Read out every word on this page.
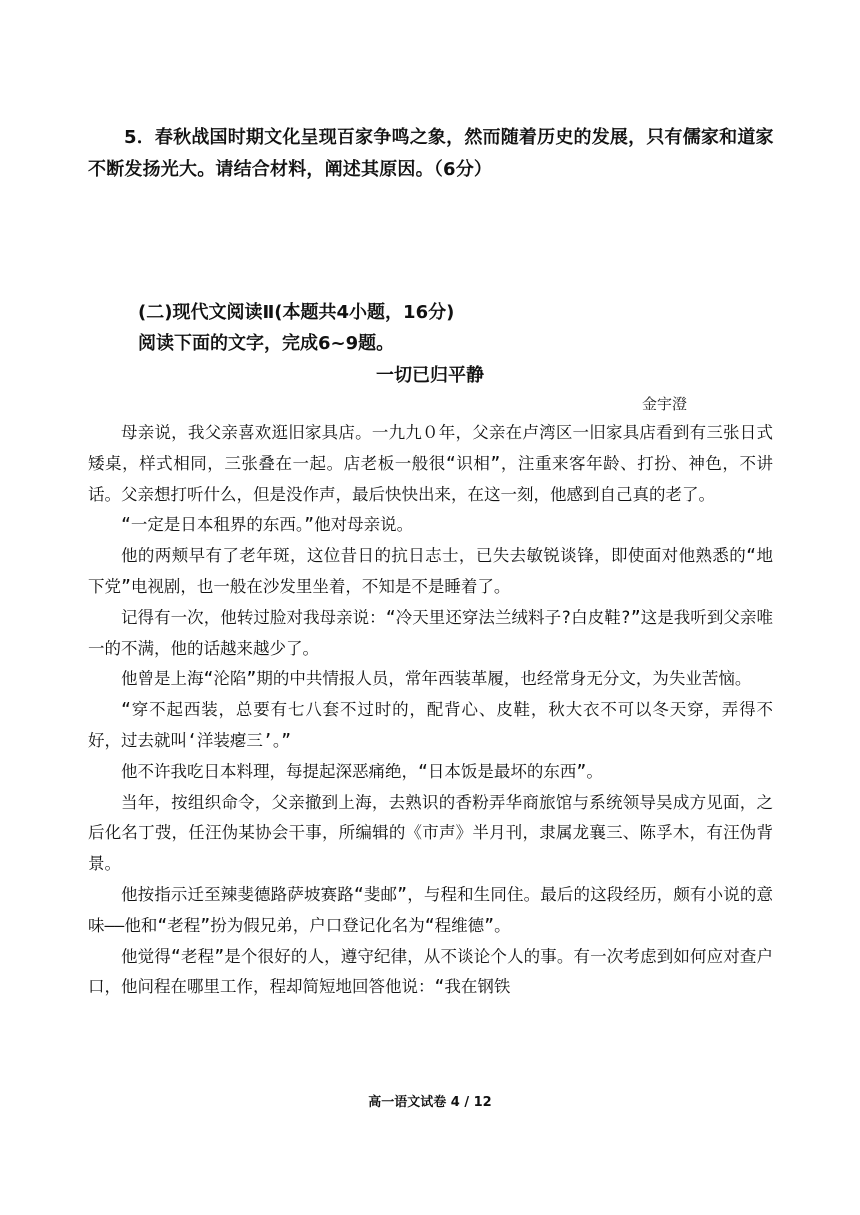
5．春秋战国时期文化呈现百家争鸣之象，然而随着历史的发展，只有儒家和道家不断发扬光大。请结合材料，阐述其原因。（6分）
(二)现代文阅读Ⅱ(本题共4小题，16分)
阅读下面的文字，完成6~9题。
一切已归平静
金宇澄

母亲说，我父亲喜欢逛旧家具店。一九九０年，父亲在卢湾区一旧家具店看到有三张日式矮桌，样式相同，三张叠在一起。店老板一般很“识相”，注重来客年龄、打扮、神色，不讲话。父亲想打听什么，但是没作声，最后快快出来，在这一刻，他感到自己真的老了。

“一定是日本租界的东西。”他对母亲说。

他的两颊早有了老年斑，这位昔日的抗日志士，已失去敏锐谈锋，即使面对他熟悉的“地下党”电视剧，也一般在沙发里坐着，不知是不是睡着了。

记得有一次，他转过脸对我母亲说：“冷天里还穿法兰绒料子?白皮鞋?”这是我听到父亲唯一的不满，他的话越来越少了。

他曾是上海“沦陷”期的中共情报人员，常年西装革履，也经常身无分文，为失业苦恼。

“穿不起西装，总要有七八套不过时的，配背心、皮鞋，秋大衣不可以冬天穿，弄得不好，过去就叫‘洋装瘪三’。”

他不许我吃日本料理，每提起深恶痛绝，“日本饭是最坏的东西”。

当年，按组织命令，父亲撤到上海，去熟识的香粉弄华商旅馆与系统领导吴成方见面，之后化名丁弢，任汪伪某协会干事，所编辑的《市声》半月刊，隶属龙襄三、陈孚木，有汪伪背景。

他按指示迁至辣斐德路萨坡赛路“斐邮”，与程和生同住。最后的这段经历，颇有小说的意味——他和“老程”扮为假兄弟，户口登记化名为“程维德”。

他觉得“老程”是个很好的人，遵守纪律，从不谈论个人的事。有一次考虑到如何应对查户口，他问程在哪里工作，程却简短地回答他说：“我在钢铁

高一语文试卷 4 / 12
